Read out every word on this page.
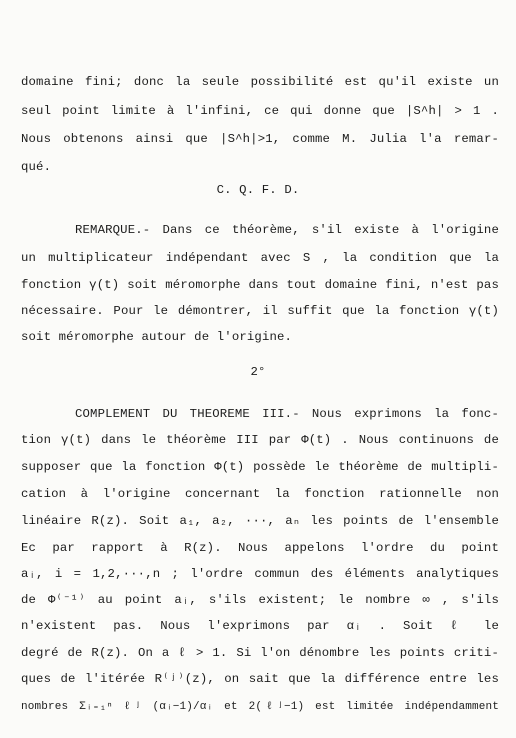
domaine fini; donc la seule possibilité est qu'il existe un
seul point limite à l'infini, ce qui donne que |S^h| > 1 .
Nous obtenons ainsi que |S^h|>1, comme M. Julia l'a remar-
qué.
C. Q. F. D.
REMARQUE.- Dans ce théorème, s'il existe à l'origine
un multiplicateur indépendant avec S , la condition que la
fonction γ(t) soit méromorphe dans tout domaine fini, n'est pas
nécessaire. Pour le démontrer, il suffit que la fonction γ(t)
soit méromorphe autour de l'origine.
2°
COMPLEMENT DU THEOREME III.- Nous exprimons la fonc-
tion γ(t) dans le théorème III par Φ(t) . Nous continuons de
supposer que la fonction Φ(t) possède le théorème de multipli-
cation à l'origine concernant la fonction rationnelle non
linéaire R(z). Soit a₁, a₂, ···, aₙ les points de l'ensemble
Ec par rapport à R(z). Nous appelons l'ordre du point
aᵢ, i = 1,2,···,n ; l'ordre commun des éléments analytiques
de Φ⁽⁻¹⁾ au point aᵢ, s'ils existent; le nombre ∞ , s'ils
n'existent pas. Nous l'exprimons par αᵢ . Soit ℓ le
degré de R(z). On a ℓ > 1. Si l'on dénombre les points criti-
ques de l'itérée R⁽ʲ⁾(z), on sait que la différence entre les
nombres Σᵢ₌₁ⁿ ℓʲ (αᵢ−1)/αᵢ et 2(ℓʲ−1) est limitée indépendamment
